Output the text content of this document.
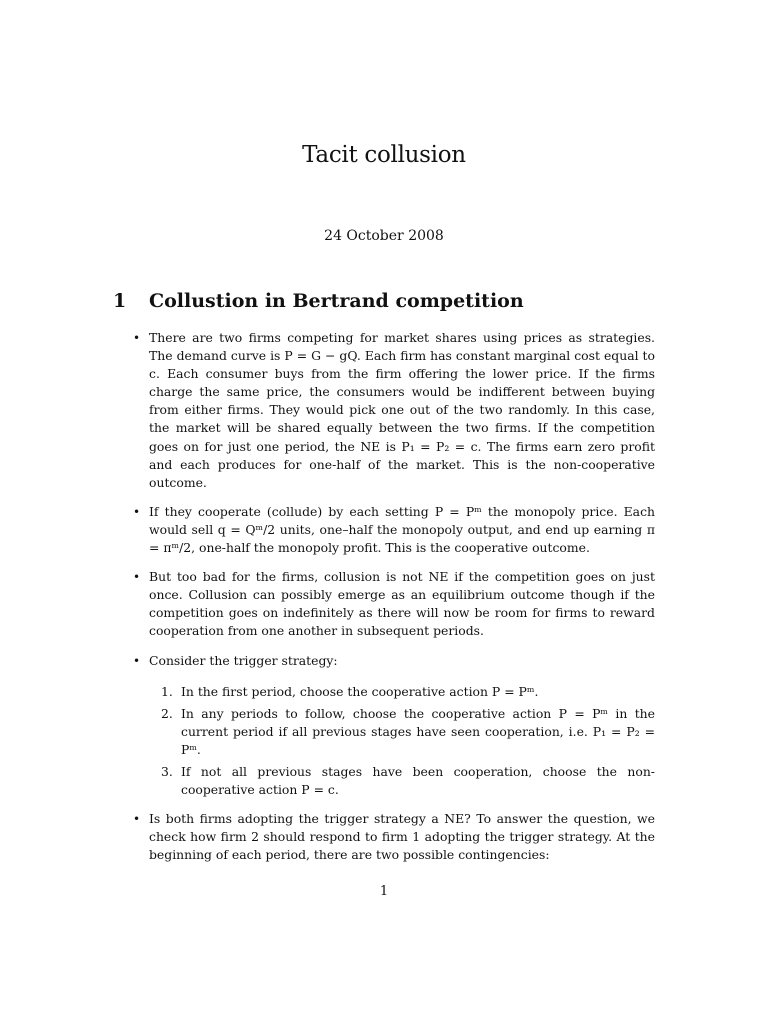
Tacit collusion
24 October 2008
1 Collustion in Bertrand competition
• There are two firms competing for market shares using prices as strategies. The demand curve is P = G − gQ. Each firm has constant marginal cost equal to c. Each consumer buys from the firm offering the lower price. If the firms charge the same price, the consumers would be indifferent between buying from either firms. They would pick one out of the two randomly. In this case, the market will be shared equally between the two firms. If the competition goes on for just one period, the NE is P₁ = P₂ = c. The firms earn zero profit and each produces for one-half of the market. This is the non-cooperative outcome.
• If they cooperate (collude) by each setting P = Pᵐ the monopoly price. Each would sell q = Qᵐ/2 units, one–half the monopoly output, and end up earning π = πᵐ/2, one-half the monopoly profit. This is the cooperative outcome.
• But too bad for the firms, collusion is not NE if the competition goes on just once. Collusion can possibly emerge as an equilibrium outcome though if the competition goes on indefinitely as there will now be room for firms to reward cooperation from one another in subsequent periods.
• Consider the trigger strategy:
1. In the first period, choose the cooperative action P = Pᵐ.
2. In any periods to follow, choose the cooperative action P = Pᵐ in the current period if all previous stages have seen cooperation, i.e. P₁ = P₂ = Pᵐ.
3. If not all previous stages have been cooperation, choose the non-cooperative action P = c.
• Is both firms adopting the trigger strategy a NE? To answer the question, we check how firm 2 should respond to firm 1 adopting the trigger strategy. At the beginning of each period, there are two possible contingencies:
1
